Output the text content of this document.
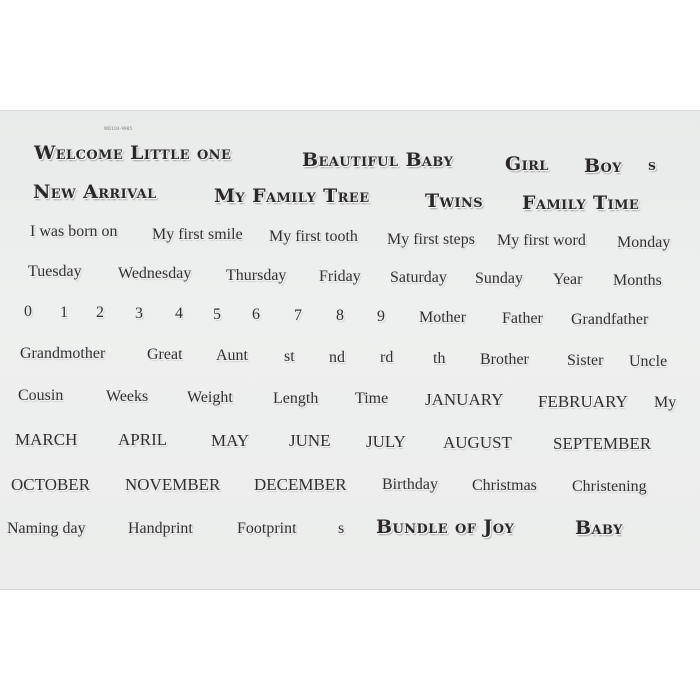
WD104-9985
Welcome Little one	Beautiful Baby	Girl Boy s
New Arrival	My Family Tree	Twins Family Time
I was born on My first smile My first tooth My first steps My first word Monday
Tuesday Wednesday Thursday Friday Saturday Sunday Year Months
0 1 2 3 4 5 6 7 8 9 Mother Father Grandfather
Grandmother	Great Aunt st nd rd th Brother Sister Uncle
Cousin	Weeks Weight	Length Time JANUARY FEBRUARY My
MARCH APRIL	MAY JUNE JULY AUGUST SEPTEMBER
OCTOBER NOVEMBER DECEMBER Birthday Christmas Christening
Naming day	Handprint	Footprint	s Bundle of Joy	Baby
